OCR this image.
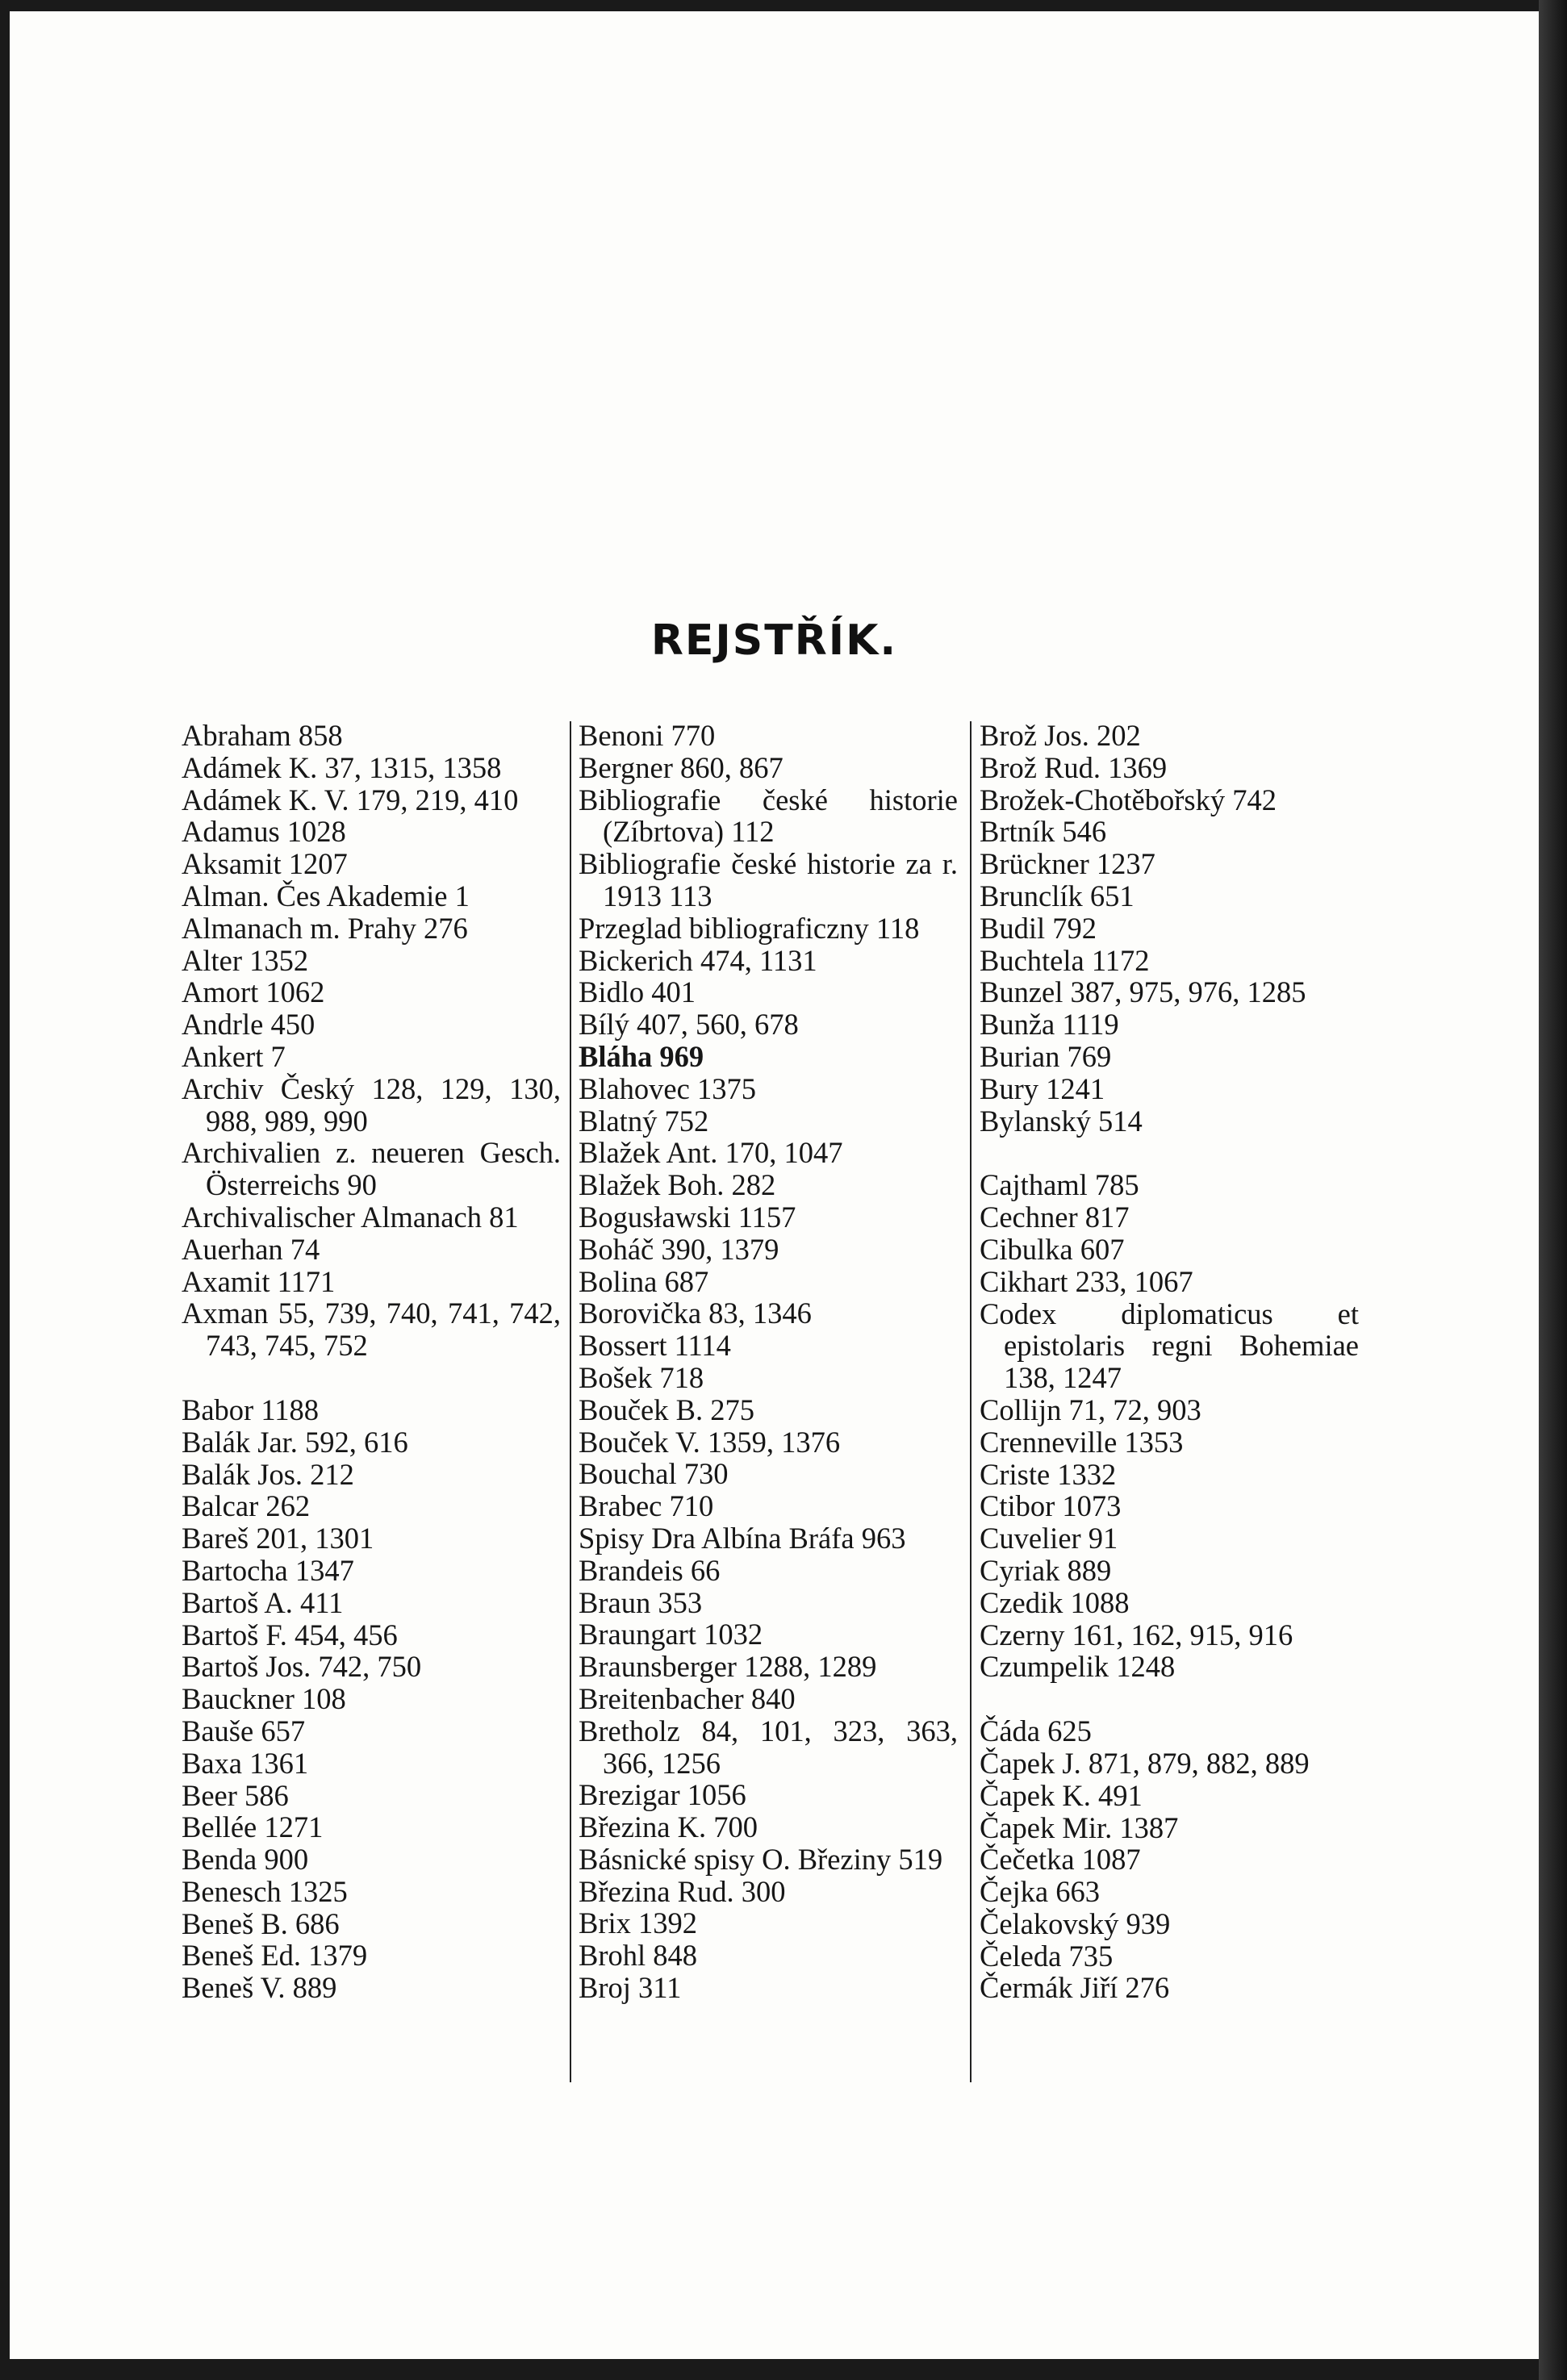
REJSTŘÍK.
Abraham 858
Adámek K. 37, 1315, 1358
Adámek K. V. 179, 219, 410
Adamus 1028
Aksamit 1207
Alman. Čes Akademie 1
Almanach m. Prahy 276
Alter 1352
Amort 1062
Andrle 450
Ankert 7
Archiv Český 128, 129, 130, 988, 989, 990
Archivalien z. neueren Gesch. Österreichs 90
Archivalischer Almanach 81
Auerhan 74
Axamit 1171
Axman 55, 739, 740, 741, 742, 743, 745, 752
Babor 1188
Balák Jar. 592, 616
Balák Jos. 212
Balcar 262
Bareš 201, 1301
Bartocha 1347
Bartoš A. 411
Bartoš F. 454, 456
Bartoš Jos. 742, 750
Bauckner 108
Bauše 657
Baxa 1361
Beer 586
Bellée 1271
Benda 900
Benesch 1325
Beneš B. 686
Beneš Ed. 1379
Beneš V. 889
Benoni 770
Bergner 860, 867
Bibliografie české historie (Zíbrtova) 112
Bibliografie české historie za r. 1913 113
Przeglad bibliograficzny 118
Bickerich 474, 1131
Bidlo 401
Bílý 407, 560, 678
Bláha 969
Blahovec 1375
Blatný 752
Blažek Ant. 170, 1047
Blažek Boh. 282
Bogusławski 1157
Boháč 390, 1379
Bolina 687
Borovička 83, 1346
Bossert 1114
Bošek 718
Bouček B. 275
Bouček V. 1359, 1376
Bouchal 730
Brabec 710
Spisy Dra Albína Bráfa 963
Brandeis 66
Braun 353
Braungart 1032
Braunsberger 1288, 1289
Breitenbacher 840
Bretholz 84, 101, 323, 363, 366, 1256
Brezigar 1056
Březina K. 700
Básnické spisy O. Březiny 519
Březina Rud. 300
Brix 1392
Brohl 848
Broj 311
Brož Jos. 202
Brož Rud. 1369
Brožek-Chotěbořský 742
Brtník 546
Brückner 1237
Brunclík 651
Budil 792
Buchtela 1172
Bunzel 387, 975, 976, 1285
Bunža 1119
Burian 769
Bury 1241
Bylanský 514
Cajthaml 785
Cechner 817
Cibulka 607
Cikhart 233, 1067
Codex diplomaticus et epistolaris regni Bohemiae 138, 1247
Collijn 71, 72, 903
Crenneville 1353
Criste 1332
Ctibor 1073
Cuvelier 91
Cyriak 889
Czedik 1088
Czerny 161, 162, 915, 916
Czumpelik 1248
Čáda 625
Čapek J. 871, 879, 882, 889
Čapek K. 491
Čapek Mir. 1387
Čečetka 1087
Čejka 663
Čelakovský 939
Čeleda 735
Čermák Jiří 276
